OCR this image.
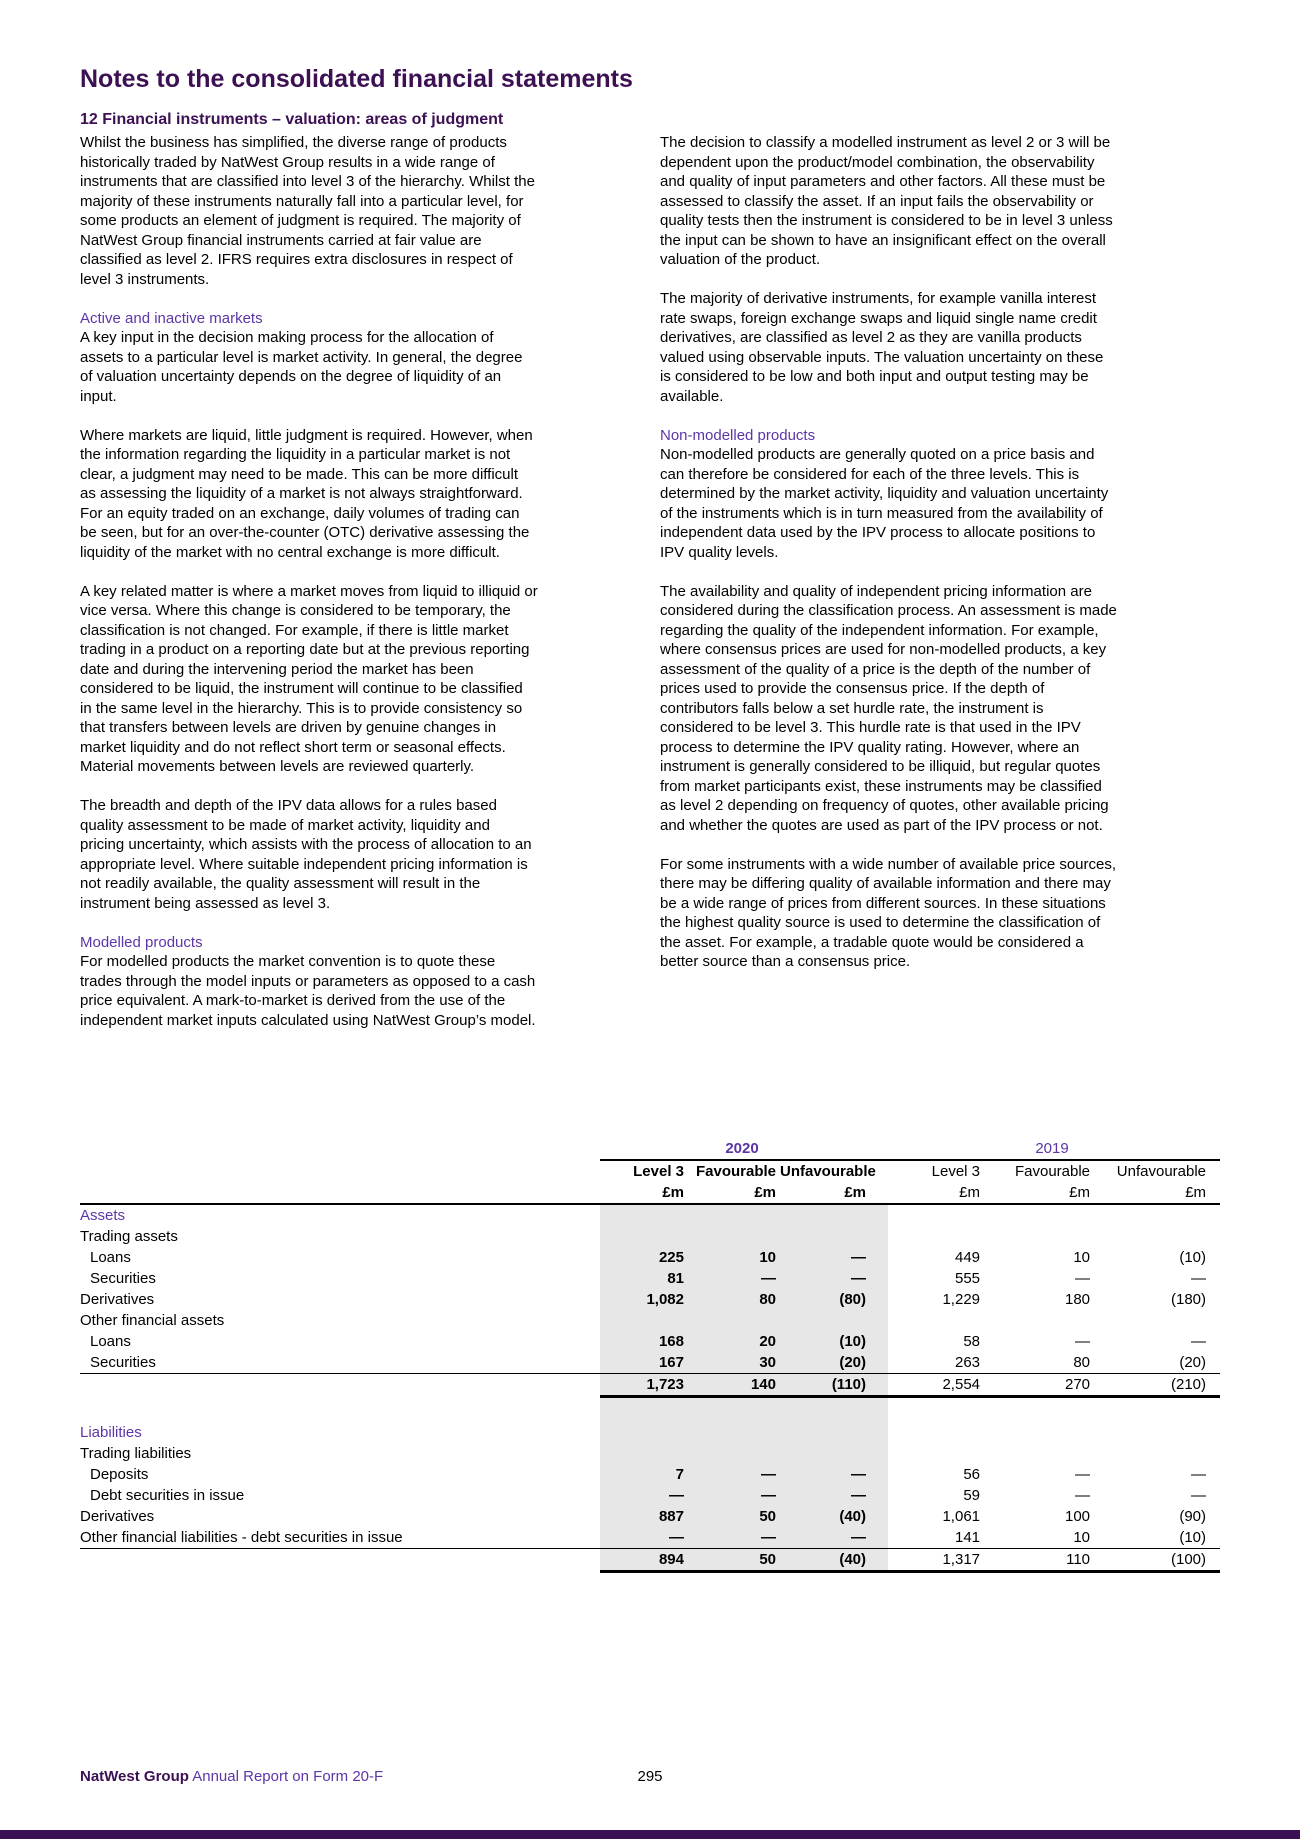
Notes to the consolidated financial statements
12 Financial instruments – valuation: areas of judgment

Whilst the business has simplified, the diverse range of products historically traded by NatWest Group results in a wide range of instruments that are classified into level 3 of the hierarchy. Whilst the majority of these instruments naturally fall into a particular level, for some products an element of judgment is required. The majority of NatWest Group financial instruments carried at fair value are classified as level 2. IFRS requires extra disclosures in respect of level 3 instruments.

Active and inactive markets

A key input in the decision making process for the allocation of assets to a particular level is market activity. In general, the degree of valuation uncertainty depends on the degree of liquidity of an input.

Where markets are liquid, little judgment is required. However, when the information regarding the liquidity in a particular market is not clear, a judgment may need to be made. This can be more difficult as assessing the liquidity of a market is not always straightforward. For an equity traded on an exchange, daily volumes of trading can be seen, but for an over-the-counter (OTC) derivative assessing the liquidity of the market with no central exchange is more difficult.

A key related matter is where a market moves from liquid to illiquid or vice versa. Where this change is considered to be temporary, the classification is not changed. For example, if there is little market trading in a product on a reporting date but at the previous reporting date and during the intervening period the market has been considered to be liquid, the instrument will continue to be classified in the same level in the hierarchy. This is to provide consistency so that transfers between levels are driven by genuine changes in market liquidity and do not reflect short term or seasonal effects. Material movements between levels are reviewed quarterly.

The breadth and depth of the IPV data allows for a rules based quality assessment to be made of market activity, liquidity and pricing uncertainty, which assists with the process of allocation to an appropriate level. Where suitable independent pricing information is not readily available, the quality assessment will result in the instrument being assessed as level 3.

Modelled products

For modelled products the market convention is to quote these trades through the model inputs or parameters as opposed to a cash price equivalent. A mark-to-market is derived from the use of the independent market inputs calculated using NatWest Group’s model.

The decision to classify a modelled instrument as level 2 or 3 will be dependent upon the product/model combination, the observability and quality of input parameters and other factors. All these must be assessed to classify the asset. If an input fails the observability or quality tests then the instrument is considered to be in level 3 unless the input can be shown to have an insignificant effect on the overall valuation of the product.

The majority of derivative instruments, for example vanilla interest rate swaps, foreign exchange swaps and liquid single name credit derivatives, are classified as level 2 as they are vanilla products valued using observable inputs. The valuation uncertainty on these is considered to be low and both input and output testing may be available.

Non-modelled products

Non-modelled products are generally quoted on a price basis and can therefore be considered for each of the three levels. This is determined by the market activity, liquidity and valuation uncertainty of the instruments which is in turn measured from the availability of independent data used by the IPV process to allocate positions to IPV quality levels.

The availability and quality of independent pricing information are considered during the classification process. An assessment is made regarding the quality of the independent information. For example, where consensus prices are used for non-modelled products, a key assessment of the quality of a price is the depth of the number of prices used to provide the consensus price. If the depth of contributors falls below a set hurdle rate, the instrument is considered to be level 3. This hurdle rate is that used in the IPV process to determine the IPV quality rating. However, where an instrument is generally considered to be illiquid, but regular quotes from market participants exist, these instruments may be classified as level 2 depending on frequency of quotes, other available pricing and whether the quotes are used as part of the IPV process or not.

For some instruments with a wide number of available price sources, there may be differing quality of available information and there may be a wide range of prices from different sources. In these situations the highest quality source is used to determine the classification of the asset. For example, a tradable quote would be considered a better source than a consensus price.

	2020			2019		
	Level 3	Favourable	Unfavourable	Level 3	Favourable	Unfavourable
	£m	£m	£m	£m	£m	£m
Assets						
Trading assets						
Loans	225	10	—	449	10	(10)
Securities	81	—	—	555	—	—
Derivatives	1,082	80	(80)	1,229	180	(180)
Other financial assets						
Loans	168	20	(10)	58	—	—
Securities	167	30	(20)	263	80	(20)
	1,723	140	(110)	2,554	270	(210)

Liabilities						
Trading liabilities						
Deposits	7	—	—	56	—	—
Debt securities in issue	—	—	—	59	—	—
Derivatives	887	50	(40)	1,061	100	(90)
Other financial liabilities - debt securities in issue	—	—	—	141	10	(10)
	894	50	(40)	1,317	110	(100)
NatWest Group Annual Report on Form 20-F	295
